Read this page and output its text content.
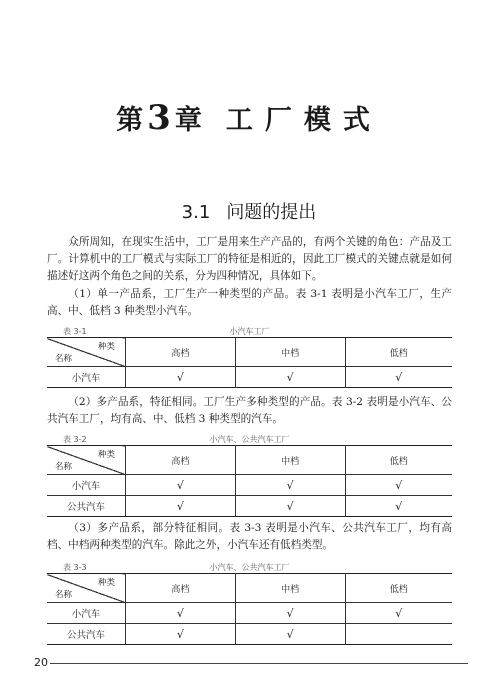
第3章 工厂模式
3.1 问题的提出

众所周知，在现实生活中，工厂是用来生产产品的，有两个关键的角色：产品及工厂。计算机中的工厂模式与实际工厂的特征是相近的，因此工厂模式的关键点就是如何描述好这两个角色之间的关系，分为四种情况，具体如下。

（1）单一产品系，工厂生产一种类型的产品。表 3-1 表明是小汽车工厂，生产高、中、低档 3 种类型小汽车。

表 3-1	小汽车工厂
种类
名称	高档	中档	低档
小汽车	√	√	√

（2）多产品系，特征相同。工厂生产多种类型的产品。表 3-2 表明是小汽车、公共汽车工厂，均有高、中、低档 3 种类型的汽车。

表 3-2	小汽车、公共汽车工厂
种类
名称	高档	中档	低档
小汽车	√	√	√
公共汽车	√	√	√

（3）多产品系，部分特征相同。表 3-3 表明是小汽车、公共汽车工厂，均有高档、中档两种类型的汽车。除此之外，小汽车还有低档类型。

表 3-3	小汽车、公共汽车工厂
种类
名称	高档	中档	低档
小汽车	√	√	√
公共汽车	√	√	
20
